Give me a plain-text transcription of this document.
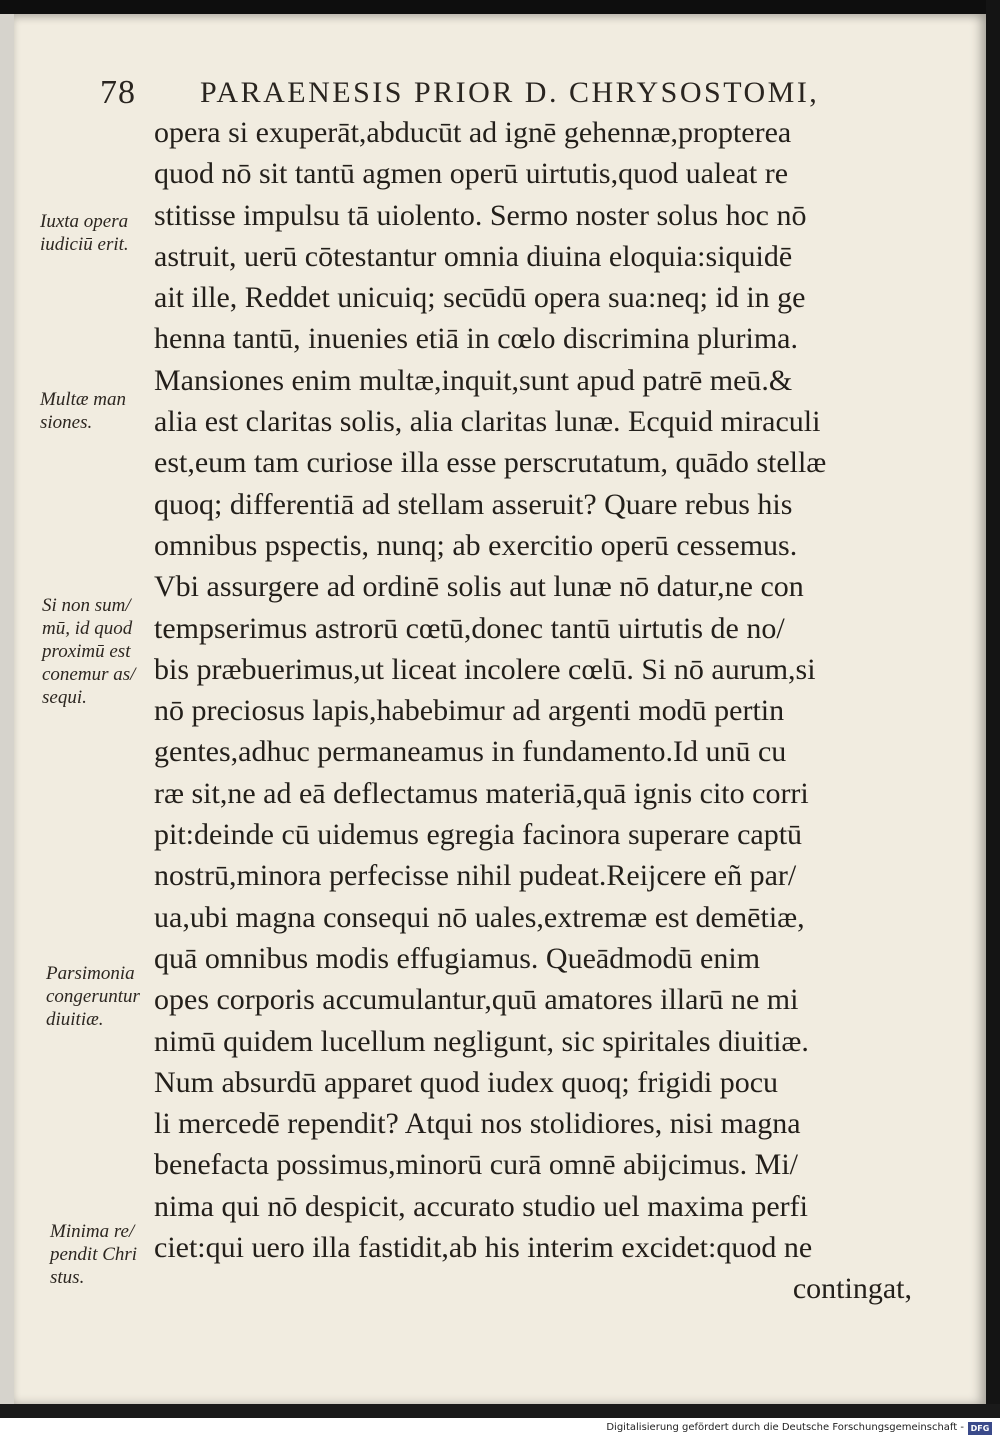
78 PARAENESIS PRIOR D. CHRYSOSTOMI,
opera si exuperāt,abducūt ad ignē gehennæ,propterea
quod nō sit tantū agmen operū uirtutis,quod ualeat re
stitisse impulsu tā uiolento. Sermo noster solus hoc nō
astruit, uerū cōtestantur omnia diuina eloquia:siquidē
ait ille, Reddet unicuiq; secūdū opera sua:neq; id in ge
henna tantū, inuenies etiā in cœlo discrimina plurima.
Mansiones enim multæ,inquit,sunt apud patrē meū.&
alia est claritas solis, alia claritas lunæ. Ecquid miraculi
est,eum tam curiose illa esse perscrutatum, quādo stellæ
quoq; differentiā ad stellam asseruit? Quare rebus his
omnibus pspectis, nunq; ab exercitio operū cessemus.
Vbi assurgere ad ordinē solis aut lunæ nō datur,ne con
tempserimus astrorū cœtū,donec tantū uirtutis de no/
bis præbuerimus,ut liceat incolere cœlū. Si nō aurum,si
nō preciosus lapis,habebimur ad argenti modū pertin
gentes,adhuc permaneamus in fundamento.Id unū cu
ræ sit,ne ad eā deflectamus materiā,quā ignis cito corri
pit:deinde cū uidemus egregia facinora superare captū
nostrū,minora perfecisse nihil pudeat.Reijcere eñ par/
ua,ubi magna consequi nō uales,extremæ est demētiæ,
quā omnibus modis effugiamus. Queādmodū enim
opes corporis accumulantur,quū amatores illarū ne mi
nimū quidem lucellum negligunt, sic spiritales diuitiæ.
Num absurdū apparet quod iudex quoq; frigidi pocu
li mercedē rependit? Atqui nos stolidiores, nisi magna
benefacta possimus,minorū curā omnē abijcimus. Mi/
nima qui nō despicit, accurato studio uel maxima perfi
ciet:qui uero illa fastidit,ab his interim excidet:quod ne
contingat,
Iuxta opera
iudiciū erit.
Multæ man
siones.
Si non sum/
mū, id quod
proximū est
conemur as/
sequi.
Parsimonia
congeruntur
diuitiæ.
Minima re/
pendit Chri
stus.
Digitalisierung gefördert durch die Deutsche Forschungsgemeinschaft - DFG
